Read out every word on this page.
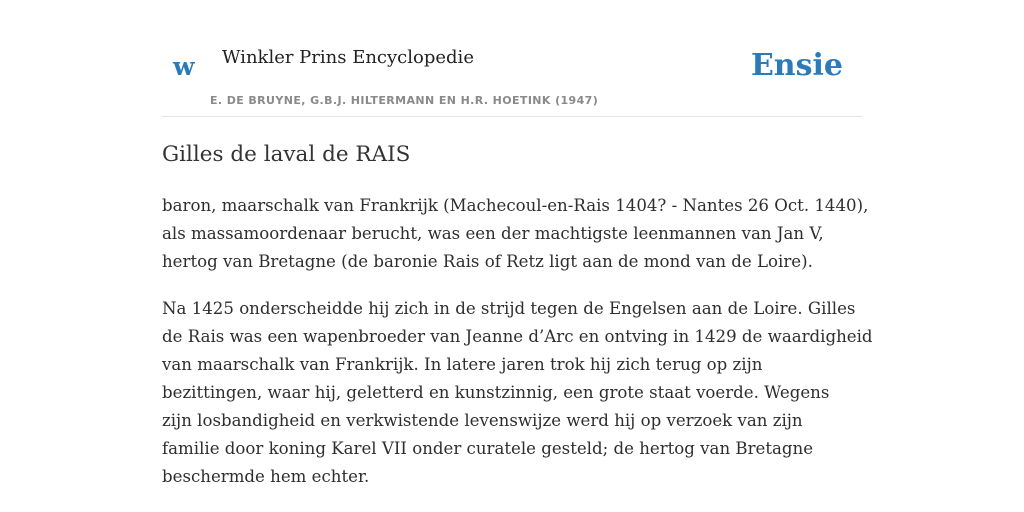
w Winkler Prins Encyclopedie
E. DE BRUYNE, G.B.J. HILTERMANN EN H.R. HOETINK (1947)
Ensie
Gilles de laval de RAIS

baron, maarschalk van Frankrijk (Machecoul-en-Rais 1404? - Nantes 26 Oct. 1440),
als massamoordenaar berucht, was een der machtigste leenmannen van Jan V,
hertog van Bretagne (de baronie Rais of Retz ligt aan de mond van de Loire).

Na 1425 onderscheidde hij zich in de strijd tegen de Engelsen aan de Loire. Gilles
de Rais was een wapenbroeder van Jeanne d’Arc en ontving in 1429 de waardigheid
van maarschalk van Frankrijk. In latere jaren trok hij zich terug op zijn
bezittingen, waar hij, geletterd en kunstzinnig, een grote staat voerde. Wegens
zijn losbandigheid en verkwistende levenswijze werd hij op verzoek van zijn
familie door koning Karel VII onder curatele gesteld; de hertog van Bretagne
beschermde hem echter.
